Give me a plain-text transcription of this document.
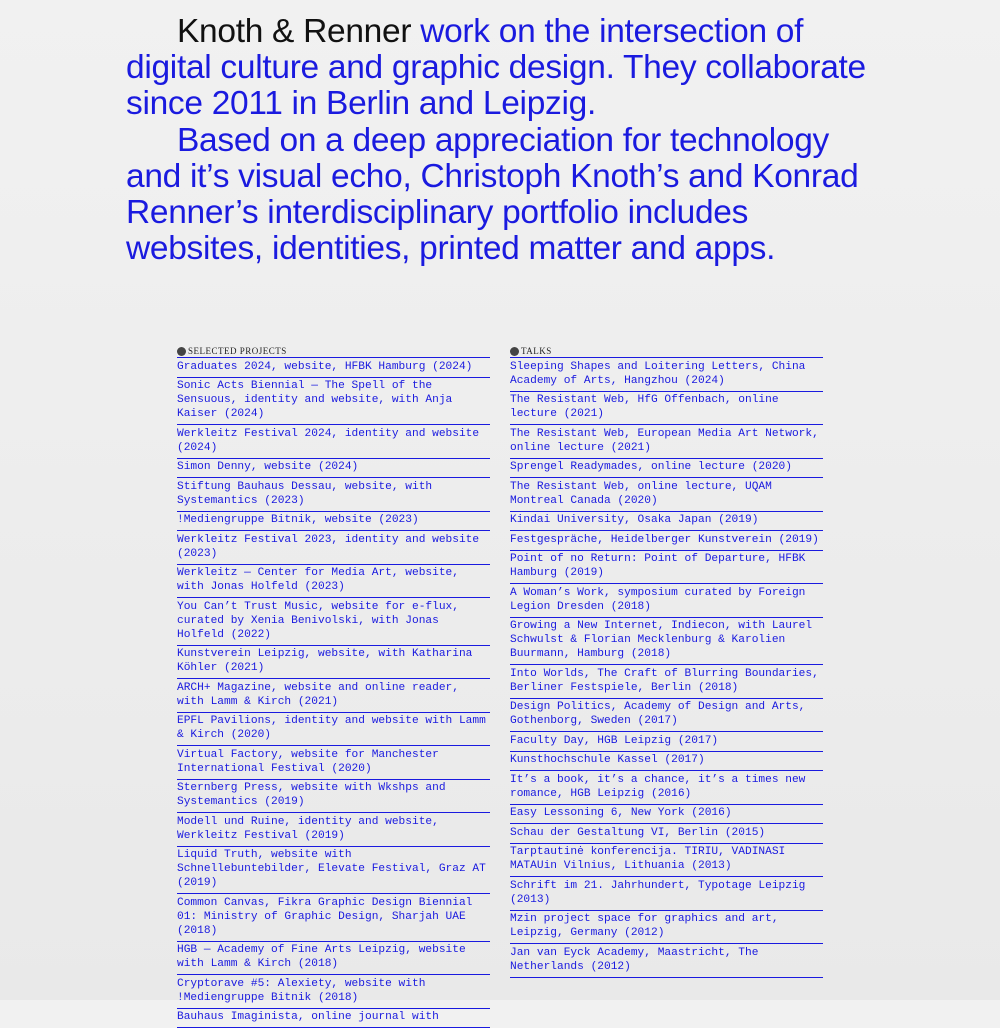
Knoth & Renner work on the intersection of digital culture and graphic design. They collaborate since 2011 in Berlin and Leipzig.

Based on a deep appreciation for technology and it’s visual echo, Christoph Knoth’s and Konrad Renner’s interdisciplinary portfolio includes websites, identities, printed matter and apps.

SELECTED PROJECTS
Graduates 2024, website, HFBK Hamburg (2024)
Sonic Acts Biennial — The Spell of the Sensuous, identity and website, with Anja Kaiser (2024)
Werkleitz Festival 2024, identity and website (2024)
Simon Denny, website (2024)
Stiftung Bauhaus Dessau, website, with Systemantics (2023)
!Mediengruppe Bitnik, website (2023)
Werkleitz Festival 2023, identity and website (2023)
Werkleitz — Center for Media Art, website, with Jonas Holfeld (2023)
You Can’t Trust Music, website for e-flux, curated by Xenia Benivolski, with Jonas Holfeld (2022)
Kunstverein Leipzig, website, with Katharina Köhler (2021)
ARCH+ Magazine, website and online reader, with Lamm & Kirch (2021)
EPFL Pavilions, identity and website with Lamm & Kirch (2020)
Virtual Factory, website for Manchester International Festival (2020)
Sternberg Press, website with Wkshps and Systemantics (2019)
Modell und Ruine, identity and website, Werkleitz Festival (2019)
Liquid Truth, website with Schnellebuntebilder, Elevate Festival, Graz AT (2019)
Common Canvas, Fikra Graphic Design Biennial 01: Ministry of Graphic Design, Sharjah UAE (2018)
HGB — Academy of Fine Arts Leipzig, website with Lamm & Kirch (2018)
Cryptorave #5: Alexiety, website with !Mediengruppe Bitnik (2018)
Bauhaus Imaginista, online journal with
TALKS
Sleeping Shapes and Loitering Letters, China Academy of Arts, Hangzhou (2024)
The Resistant Web, HfG Offenbach, online lecture (2021)
The Resistant Web, European Media Art Network, online lecture (2021)
Sprengel Readymades, online lecture (2020)
The Resistant Web, online lecture, UQAM Montreal Canada (2020)
Kindai University, Osaka Japan (2019)
Festgespräche, Heidelberger Kunstverein (2019)
Point of no Return: Point of Departure, HFBK Hamburg (2019)
A Woman’s Work, symposium curated by Foreign Legion Dresden (2018)
Growing a New Internet, Indiecon, with Laurel Schwulst & Florian Mecklenburg & Karolien Buurmann, Hamburg (2018)
Into Worlds, The Craft of Blurring Boundaries, Berliner Festspiele, Berlin (2018)
Design Politics, Academy of Design and Arts, Gothenborg, Sweden (2017)
Faculty Day, HGB Leipzig (2017)
Kunsthochschule Kassel (2017)
It’s a book, it’s a chance, it’s a times new romance, HGB Leipzig (2016)
Easy Lessoning 6, New York (2016)
Schau der Gestaltung VI, Berlin (2015)
Tarptautinė konferencija. TIRIU, VADINASI MATAUin Vilnius, Lithuania (2013)
Schrift im 21. Jahrhundert, Typotage Leipzig (2013)
Mzin project space for graphics and art, Leipzig, Germany (2012)
Jan van Eyck Academy, Maastricht, The Netherlands (2012)
